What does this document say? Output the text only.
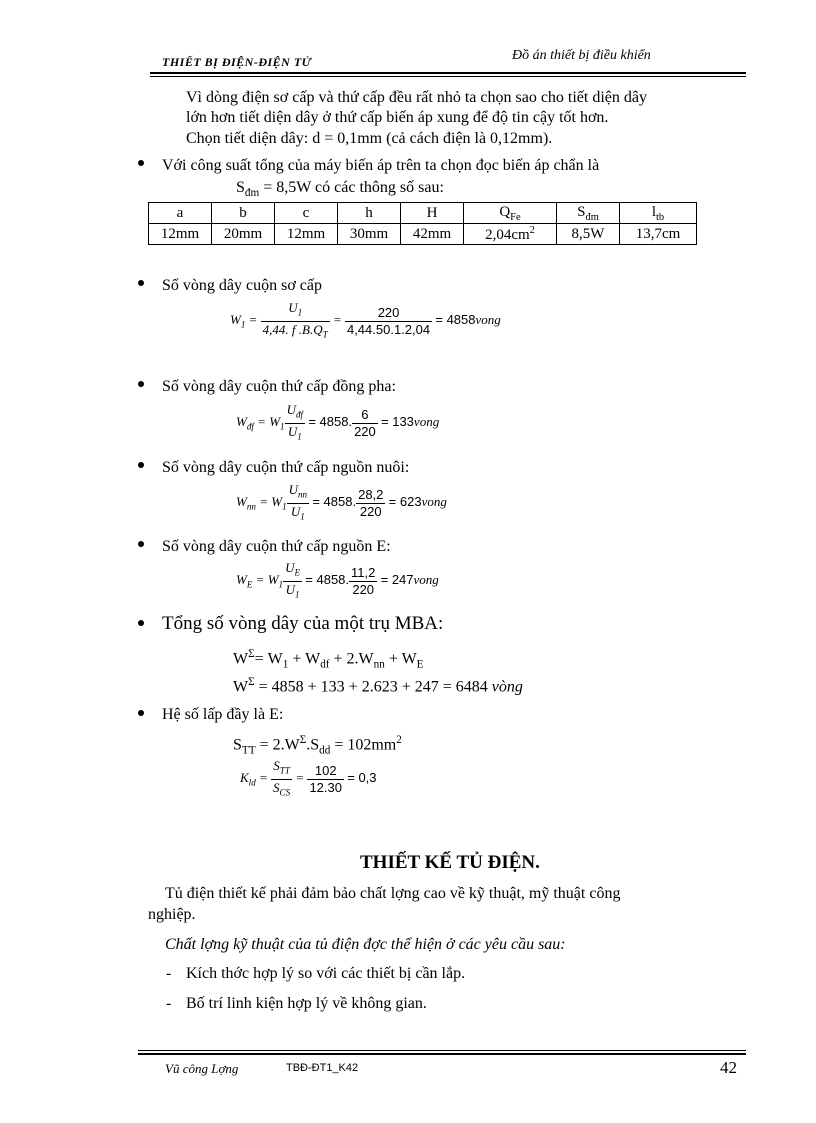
THIẾT BỊ ĐIỆN-ĐIỆN TỬ	Đồ án thiết bị điều khiển
Vì dòng điện sơ cấp và thứ cấp đều rất nhỏ ta chọn sao cho tiết diện dây
lớn hơn tiết diện dây ở thứ cấp biến áp xung để độ tin cậy tốt hơn.
Chọn tiết diện dây: d = 0,1mm (cả cách điện là 0,12mm).
Với công suất tổng của máy biến áp trên ta chọn đọc biến áp chẩn là
$S_{đm} = 8,5W$ có các thông số sau:
a	b	c	h	H	$Q_{Fe}$	$S_{đm}$	$l_{tb}$
12mm	20mm	12mm	30mm	42mm	$2,04cm^2$	8,5W	13,7cm
Số vòng dây cuộn sơ cấp
$W_1 = \frac{U_1}{4,44. f .B.Q_T} = \frac{220}{4,44.50.1.2,04}$ = 4858vong
Số vòng dây cuộn thứ cấp đồng pha:
$W_{đf} = W_1 \frac{U_{đf}}{U_1} = 4858$. $\frac{6}{220}$ = 133vong
Số vòng dây cuộn thứ cấp nguồn nuôi:
$W_{nn} = W_1 \frac{U_{nn}}{U_1} = 4858$. $\frac{28,2}{220}$ = 623vong
Số vòng dây cuộn thứ cấp nguồn E:
$W_E = W_1 \frac{U_E}{U_1} = 4858$. $\frac{11,2}{220}$ = 247vong
Tổng số vòng dây của một trụ MBA:
$W^\Sigma= W_1 + W_{df} + 2.W_{nn} + W_E$
$W^\Sigma = 4858 + 133 + 2.623 + 247 = 6484$ vòng
Hệ số lấp đầy là E:
$S_{TT} = 2.W^\Sigma.S_{dd} = 102mm^2$
$K_{ld} = \frac{S_{TT}}{S_{CS}} = \frac{102}{12.30} = 0,3$
THIẾT KẾ TỦ ĐIỆN.
Tủ điện thiết kế phải đảm bảo chất lợng cao về kỹ thuật, mỹ thuật công
nghiệp.
Chất lợng kỹ thuật của tủ điện đợc thể hiện ở các yêu cầu sau:
- Kích thớc hợp lý so với các thiết bị cần lắp.
- Bố trí linh kiện hợp lý về không gian.
Vũ công Lợng	TBĐ-ĐT1_K42	42
